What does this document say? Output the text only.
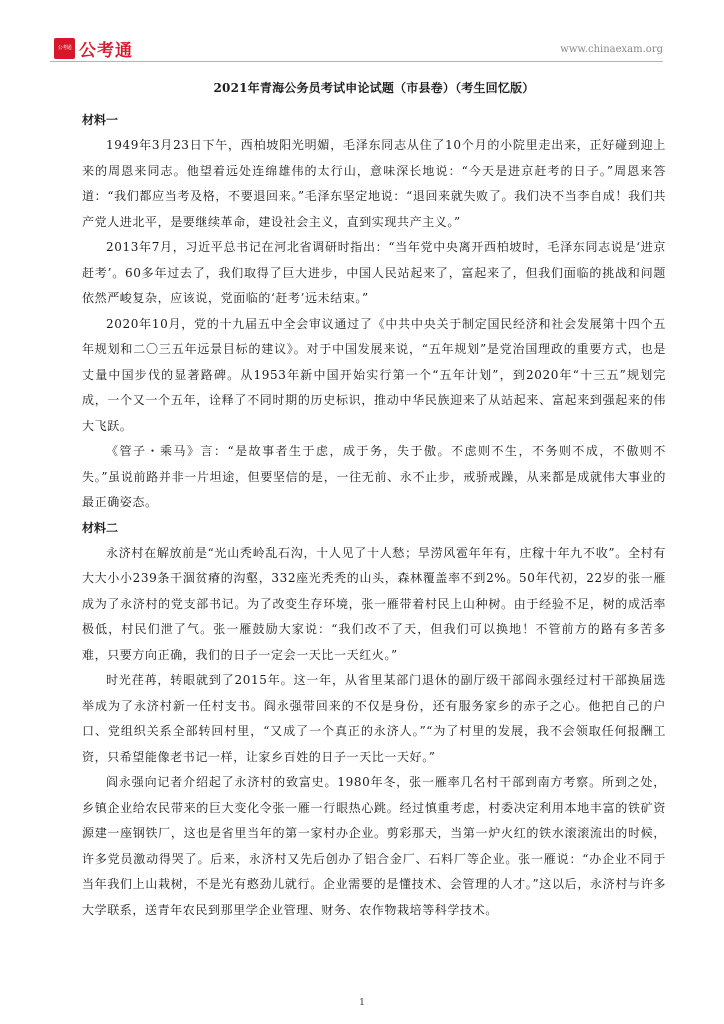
公考通 公考通	www.chinaexam.org
2021年青海公务员考试申论试题（市县卷）（考生回忆版）
材料一

1949年3月23日下午，西柏坡阳光明媚，毛泽东同志从住了10个月的小院里走出来，正好碰到迎上来的周恩来同志。他望着远处连绵雄伟的太行山，意味深长地说：“今天是进京赶考的日子。”周恩来答道：“我们都应当考及格，不要退回来。”毛泽东坚定地说：“退回来就失败了。我们决不当李自成！我们共产党人进北平，是要继续革命，建设社会主义，直到实现共产主义。”

2013年7月，习近平总书记在河北省调研时指出：“当年党中央离开西柏坡时，毛泽东同志说是‘进京赶考’。60多年过去了，我们取得了巨大进步，中国人民站起来了，富起来了，但我们面临的挑战和问题依然严峻复杂，应该说，党面临的‘赶考’远未结束。”

2020年10月，党的十九届五中全会审议通过了《中共中央关于制定国民经济和社会发展第十四个五年规划和二〇三五年远景目标的建议》。对于中国发展来说，“五年规划”是党治国理政的重要方式，也是丈量中国步伐的显著路碑。从1953年新中国开始实行第一个“五年计划”，到2020年“十三五”规划完成，一个又一个五年，诠释了不同时期的历史标识，推动中华民族迎来了从站起来、富起来到强起来的伟大飞跃。

《管子・乘马》言：“是故事者生于虑，成于务，失于傲。不虑则不生，不务则不成，不傲则不失。”虽说前路并非一片坦途，但要坚信的是，一往无前、永不止步，戒骄戒躁，从来都是成就伟大事业的最正确姿态。

材料二

永济村在解放前是“光山秃岭乱石沟，十人见了十人愁；旱涝风雹年年有，庄稼十年九不收”。全村有大大小小239条干涸贫瘠的沟壑，332座光秃秃的山头，森林覆盖率不到2%。50年代初，22岁的张一雁成为了永济村的党支部书记。为了改变生存环境，张一雁带着村民上山种树。由于经验不足，树的成活率极低，村民们泄了气。张一雁鼓励大家说：“我们改不了天，但我们可以换地！不管前方的路有多苦多难，只要方向正确，我们的日子一定会一天比一天红火。”

时光荏苒，转眼就到了2015年。这一年，从省里某部门退休的副厅级干部阎永强经过村干部换届选举成为了永济村新一任村支书。阎永强带回来的不仅是身份，还有服务家乡的赤子之心。他把自己的户口、党组织关系全部转回村里，“又成了一个真正的永济人。”“为了村里的发展，我不会领取任何报酬工资，只希望能像老书记一样，让家乡百姓的日子一天比一天好。”

阎永强向记者介绍起了永济村的致富史。1980年冬，张一雁率几名村干部到南方考察。所到之处，乡镇企业给农民带来的巨大变化令张一雁一行眼热心跳。经过慎重考虑，村委决定利用本地丰富的铁矿资源建一座钢铁厂，这也是省里当年的第一家村办企业。剪彩那天，当第一炉火红的铁水滚滚流出的时候，许多党员激动得哭了。后来，永济村又先后创办了铝合金厂、石料厂等企业。张一雁说：“办企业不同于当年我们上山栽树，不是光有憨劲儿就行。企业需要的是懂技术、会管理的人才。”这以后，永济村与许多大学联系，送青年农民到那里学企业管理、财务、农作物栽培等科学技术。

1
